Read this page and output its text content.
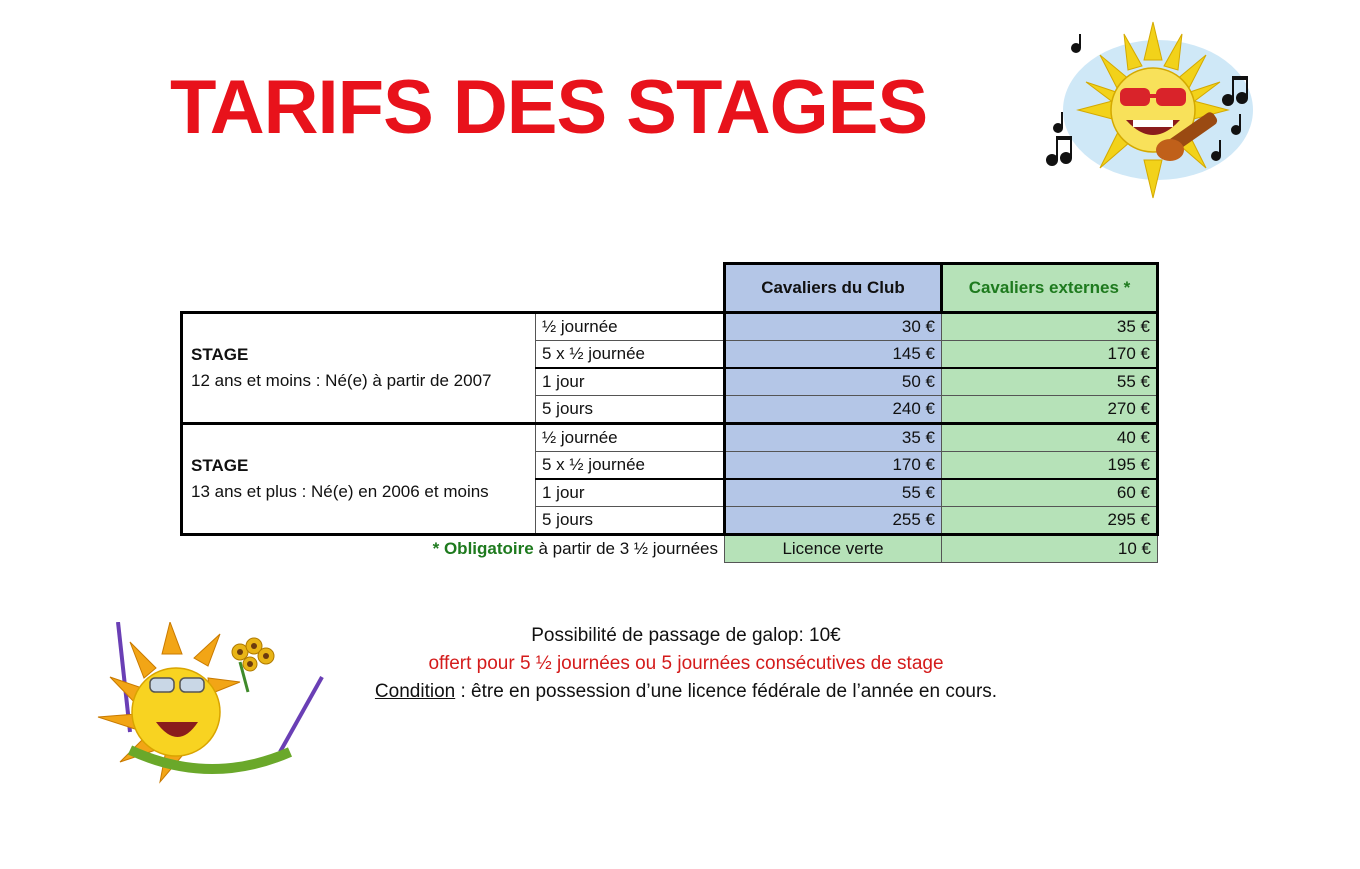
TARIFS DES STAGES
		Cavaliers du Club	Cavaliers externes *

STAGE
12 ans et moins : Né(e) à partir de 2007	½ journée	30 €	35 €
	5 x ½ journée	145 €	170 €
	1 jour	50 €	55 €
	5 jours	240 €	270 €

STAGE
13 ans et plus : Né(e) en 2006 et moins	½ journée	35 €	40 €
	5 x ½ journée	170 €	195 €
	1 jour	55 €	60 €
	5 jours	255 €	295 €
* Obligatoire à partir de 3 ½ journées		Licence verte	10 €
Possibilité de passage de galop: 10€
offert pour 5 ½ journées ou 5 journées consécutives de stage
Condition : être en possession d’une licence fédérale de l’année en cours.
